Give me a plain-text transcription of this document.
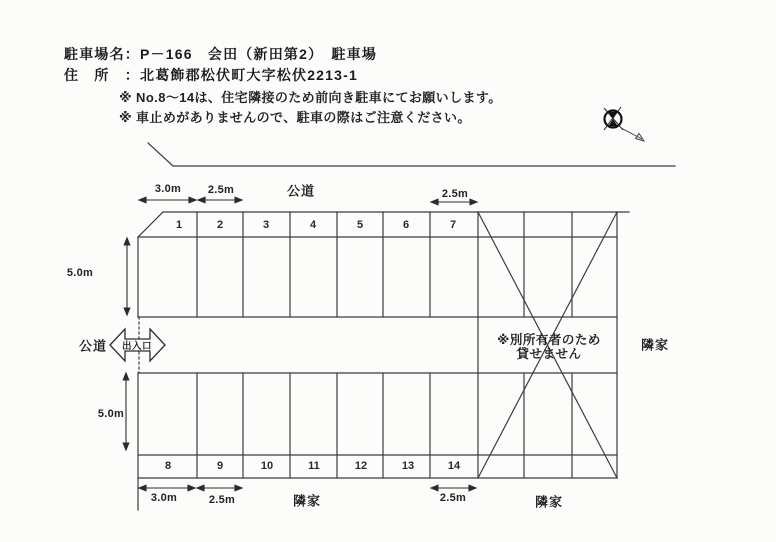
駐車場名：P－166　会田（新田第2）　駐車場
住　所　：北葛飾郡松伏町大字松伏2213-1
※ No.8～14は、住宅隣接のため前向き駐車にてお願いします。
※ 車止めがありませんので、駐車の際はご注意ください。
3.0m 2.5m	公道	2.5m
5.0m
公道 出入口
5.0m
3.0m	2.5m	隣家	2.5m	隣家
隣家
※別所有者のため
貸せません
1	2	3	4	5	6	7
8	9	10	11	12	13	14
